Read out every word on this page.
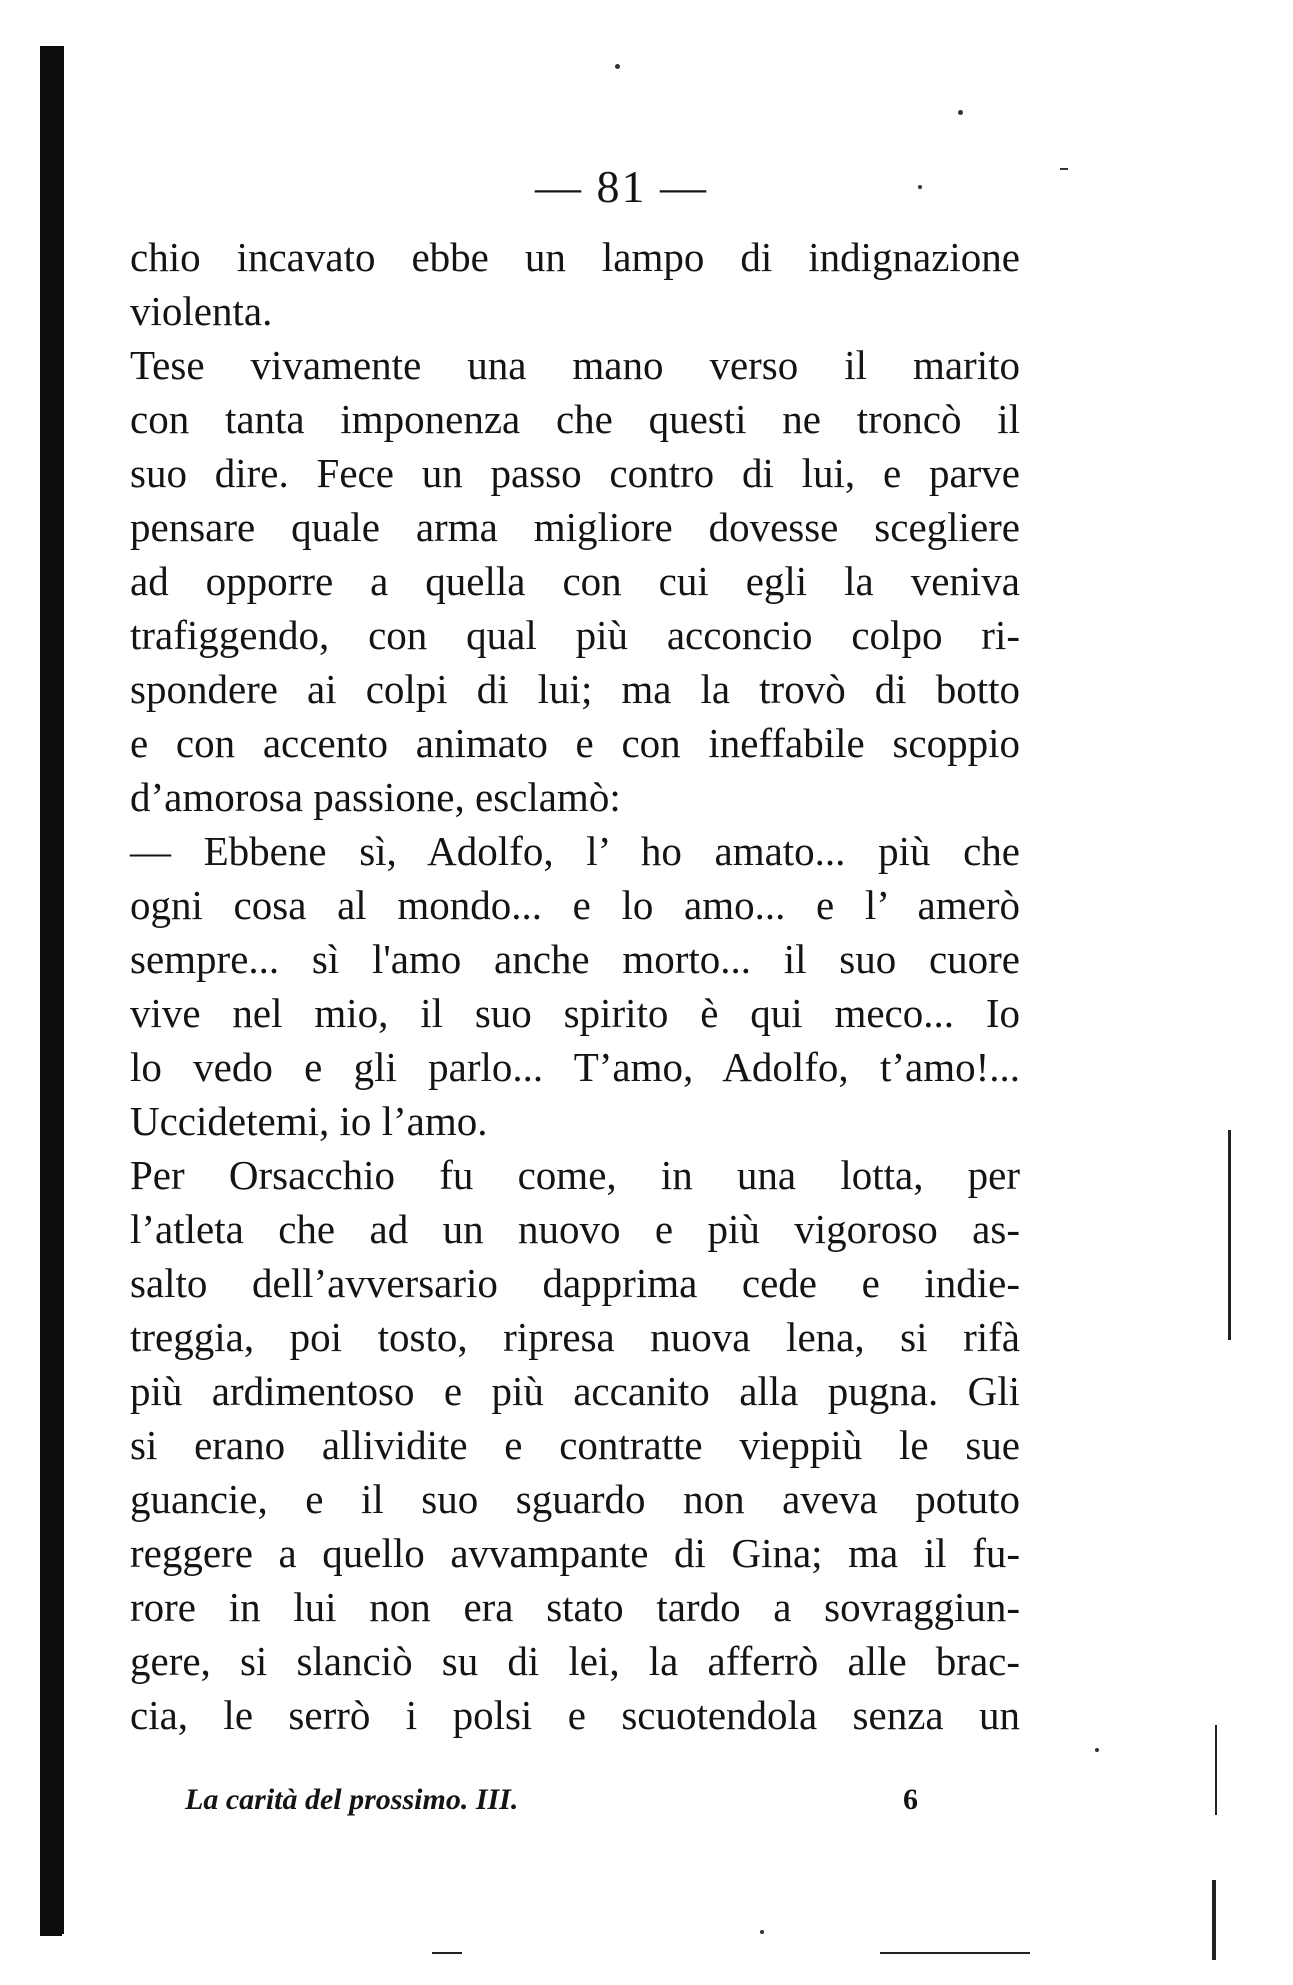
— 81 —
chio incavato ebbe un lampo di indignazione
violenta.
Tese vivamente una mano verso il marito
con tanta imponenza che questi ne troncò il
suo dire. Fece un passo contro di lui, e parve
pensare quale arma migliore dovesse scegliere
ad opporre a quella con cui egli la veniva
trafiggendo, con qual più acconcio colpo ri-
spondere ai colpi di lui; ma la trovò di botto
e con accento animato e con ineffabile scoppio
d’amorosa passione, esclamò:
— Ebbene sì, Adolfo, l’ ho amato... più che
ogni cosa al mondo... e lo amo... e l’ amerò
sempre... sì l'amo anche morto... il suo cuore
vive nel mio, il suo spirito è qui meco... Io
lo vedo e gli parlo... T’amo, Adolfo, t’amo!...
Uccidetemi, io l’amo.
Per Orsacchio fu come, in una lotta, per
l’atleta che ad un nuovo e più vigoroso as-
salto dell’avversario dapprima cede e indie-
treggia, poi tosto, ripresa nuova lena, si rifà
più ardimentoso e più accanito alla pugna. Gli
si erano allividite e contratte vieppiù le sue
guancie, e il suo sguardo non aveva potuto
reggere a quello avvampante di Gina; ma il fu-
rore in lui non era stato tardo a sovraggiun-
gere, si slanciò su di lei, la afferrò alle brac-
cia, le serrò i polsi e scuotendola senza un
La carità del prossimo. III.	6
